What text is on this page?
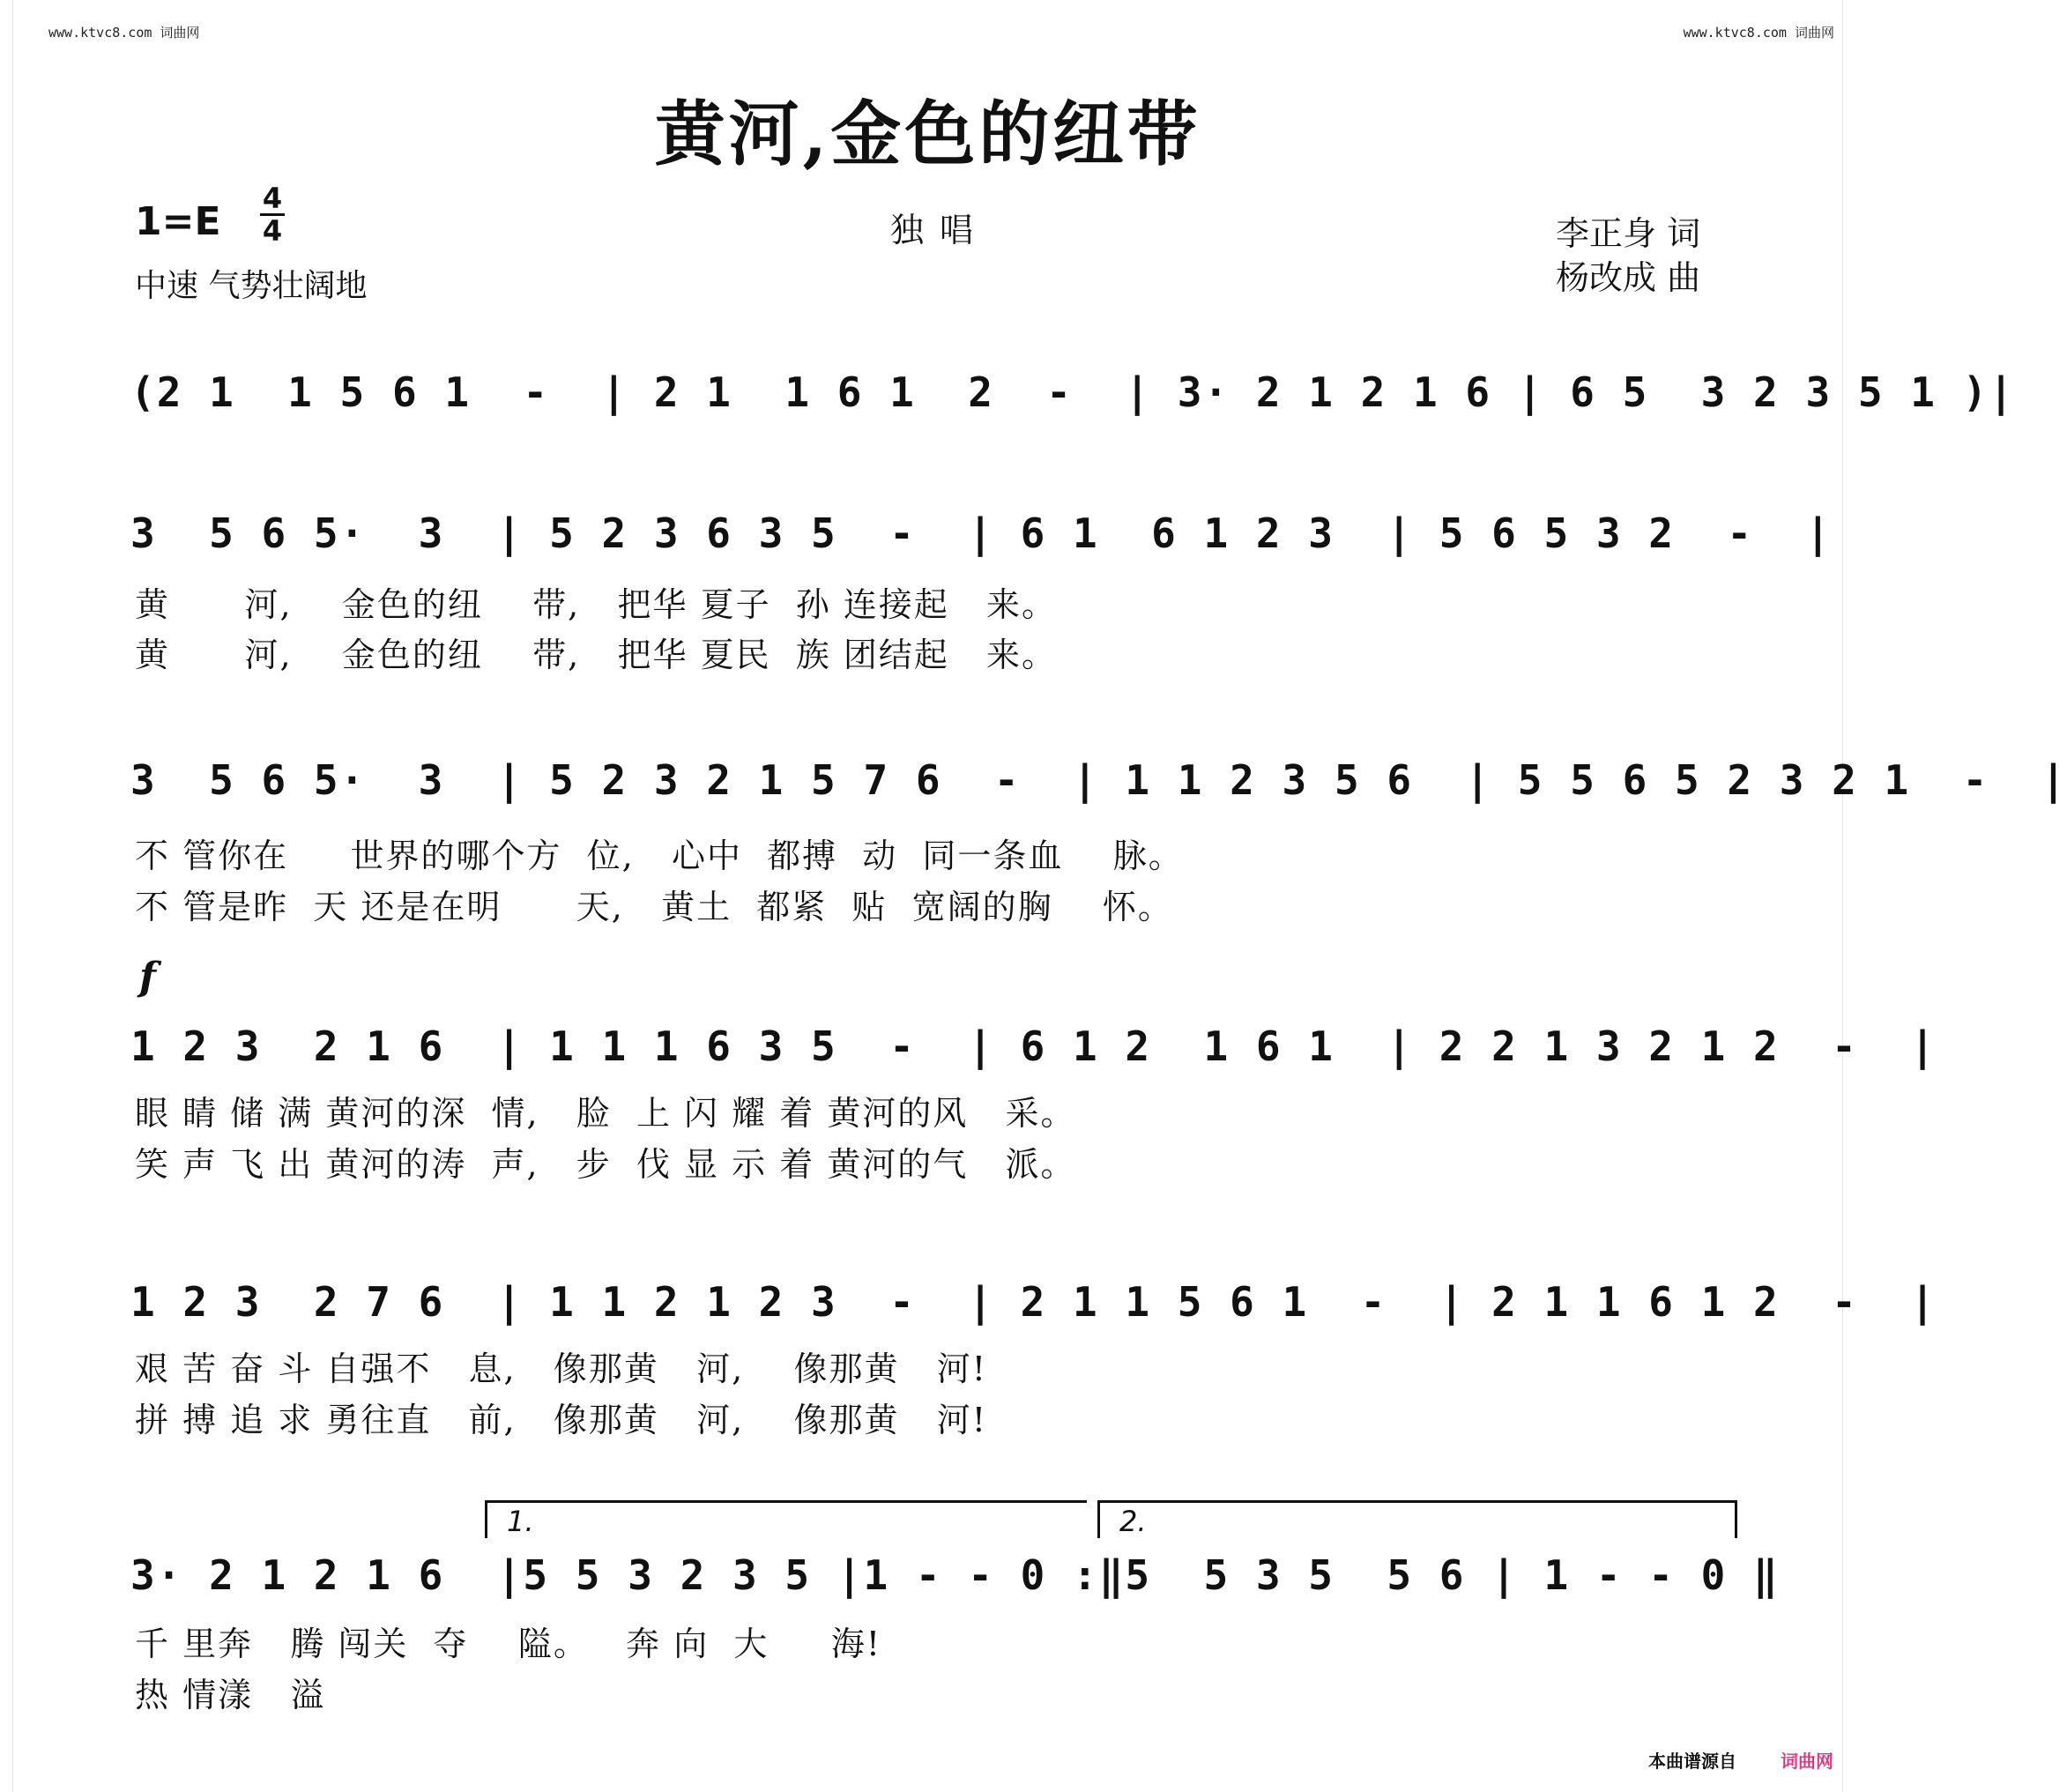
www.ktvc8.com 词曲网	www.ktvc8.com 词曲网
黄河,金色的纽带
1=E
4
4
中速 气势壮阔地
独唱	李正身 词
杨改成 曲
(2 1  1 5 6 1  -  | 2 1  1 6 1  2  -  | 3· 2 1 2 1 6 | 6 5  3 2 3 5 1 )|
3  5 6 5·  3  | 5 2 3 6 3 5  -  | 6 1  6 1 2 3  | 5 6 5 3 2  -  |
黄      河,    金色的纽    带,   把华 夏子  孙 连接起   来。
黄      河,    金色的纽    带,   把华 夏民  族 团结起   来。
3  5 6 5·  3  | 5 2 3 2 1 5 7 6  -  | 1 1 2 3 5 6  | 5 5 6 5 2 3 2 1  -  |
不 管你在     世界的哪个方  位,   心中  都搏  动  同一条血    脉。
不 管是昨  天 还是在明      天,   黄土  都紧  贴  宽阔的胸    怀。
f
1 2 3  2 1 6  | 1 1 1 6 3 5  -  | 6 1 2  1 6 1  | 2 2 1 3 2 1 2  -  |
眼 睛 储 满 黄河的深  情,   脸  上 闪 耀 着 黄河的风   采。
笑 声 飞 出 黄河的涛  声,   步  伐 显 示 着 黄河的气   派。
1 2 3  2 7 6  | 1 1 2 1 2 3  -  | 2 1 1 5 6 1  -  | 2 1 1 6 1 2  -  |
艰 苦 奋 斗 自强不   息,   像那黄   河,    像那黄   河!
拼 搏 追 求 勇往直   前,   像那黄   河,    像那黄   河!
1.	2.
3· 2 1 2 1 6  |5 5 3 2 3 5 |1 - - 0 :‖5  5 3 5  5 6 | 1 - - 0 ‖
千 里奔   腾 闯关  夺    隘。   奔 向  大     海!
热 情漾   溢
本曲谱源自	词曲网
